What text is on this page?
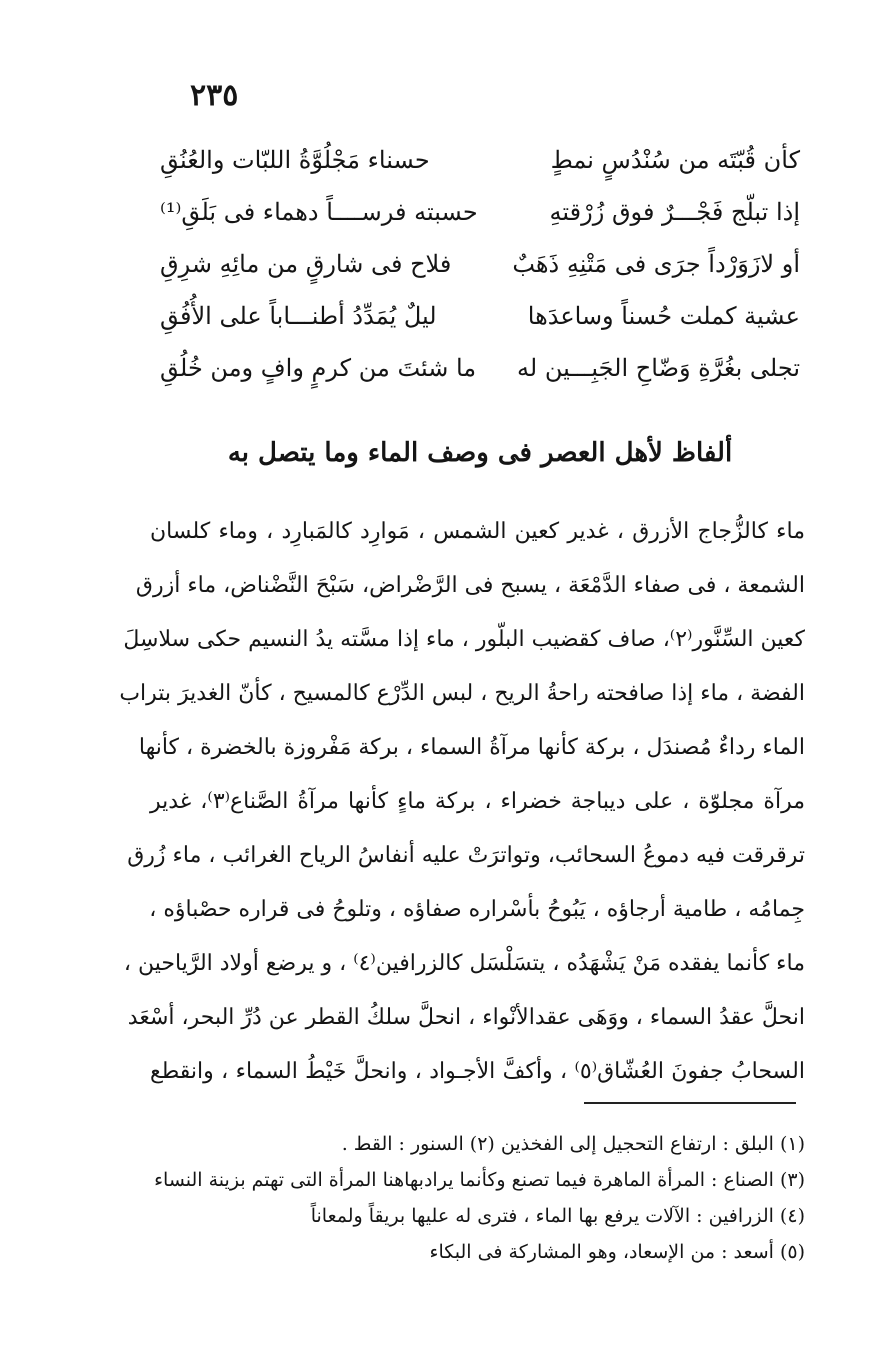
٢٣٥
كأن قُبّتَه من سُنْدُسٍ نمطٍ
حسناء مَجْلُوَّةُ اللبّات والعُنُقِ
إذا تبلّج فَجْـــرٌ فوق زُرْقتهِ
حسبته فرســــاً دهماء فى بَلَقِ⁽¹⁾
أو لازَوَرْداً جرَى فى مَتْنِهِ ذَهَبٌ
فلاح فى شارقٍ من مائِهِ شرِقِ
عشية كملت حُسناً وساعدَها
ليلٌ يُمَدِّدُ أطنـــاباً على الأُفُقِ
تجلى بغُرَّةِ وَضّاحِ الجَبِـــين له
ما شئتَ من كرمٍ وافٍ ومن خُلُقِ
ألفاظ لأهل العصر فى وصف الماء وما يتصل به
ماء كالزُّجاج الأزرق ، غدير كعين الشمس ، مَوارِد كالمَبارِد ، وماء كلسان
الشمعة ، فى صفاء الدَّمْعَة ، يسبح فى الرَّضْراض، سَبْحَ النَّضْناض، ماء أزرق
كعين السِّنَّور⁽٢⁾، صاف كقضيب البلّور ، ماء إذا مسَّته يدُ النسيم حكى سلاسِلَ
الفضة ، ماء إذا صافحته راحةُ الريح ، لبس الدِّرْع كالمسيح ، كأنّ الغديرَ بتراب
الماء رداءٌ مُصندَل ، بركة كأنها مرآةُ السماء ، بركة مَفْروزة بالخضرة ، كأنها
مرآة مجلوّة ، على ديباجة خضراء ، بركة ماءٍ كأنها مرآةُ الصَّناع⁽٣⁾، غدير
ترقرقت فيه دموعُ السحائب، وتواترَتْ عليه أنفاسُ الرياح الغرائب ، ماء زُرق
جِمامُه ، طامية أرجاؤه ، يَبُوحُ بأسْراره صفاؤه ، وتلوحُ فى قراره حصْباؤه ،
ماء كأنما يفقده مَنْ يَشْهَدُه ، يتسَلْسَل كالزرافين⁽٤⁾ ، و يرضع أولاد الرَّياحين ،
انحلَّ عقدُ السماء ، ووَهَى عقدالأنْواء ، انحلَّ سلكُ القطر عن دُرِّ البحر، أسْعَد
السحابُ جفونَ العُشّاق⁽٥⁾ ، وأكفَّ الأجـواد ، وانحلَّ خَيْطُ السماء ، وانقطع
(١) البلق : ارتفاع التحجيل إلى الفخذين (٢) السنور : القط .
(٣) الصناع : المرأة الماهرة فيما تصنع وكأنما يرادبهاهنا المرأة التى تهتم بزينة النساء
(٤) الزرافين : الآلات يرفع بها الماء ، فترى له عليها بريقاً ولمعاناً
(٥) أسعد : من الإسعاد، وهو المشاركة فى البكاء
